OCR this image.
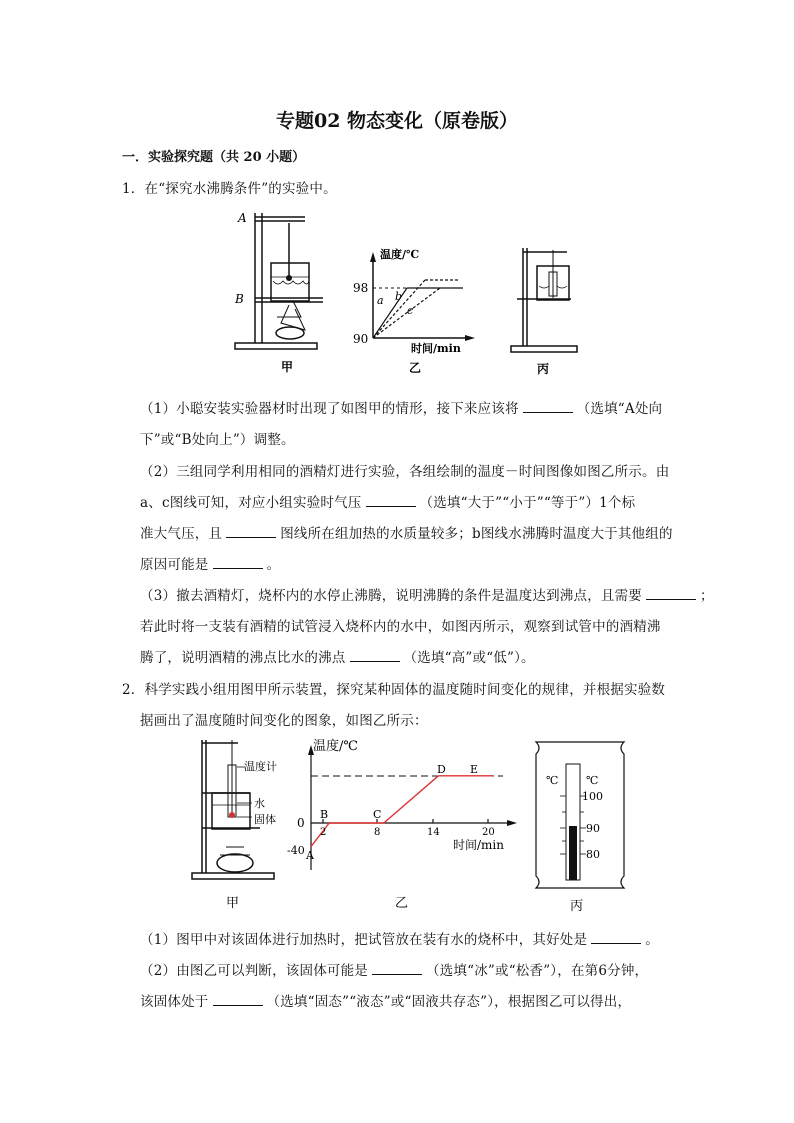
专题02 物态变化（原卷版）
一．实验探究题（共 20 小题）
1．在“探究水沸腾条件”的实验中。
A
B
甲
温度/℃
98
90
时间/min
a b
c
乙	丙
（1）小聪安装实验器材时出现了如图甲的情形，接下来应该将	（选填“A处向
下”或“B处向上”）调整。
（2）三组同学利用相同的酒精灯进行实验，各组绘制的温度－时间图像如图乙所示。由
a、c图线可知，对应小组实验时气压	（选填“大于”“小于”“等于”）1个标
准大气压，且	图线所在组加热的水质量较多；b图线水沸腾时温度大于其他组的
原因可能是	。
（3）撤去酒精灯，烧杯内的水停止沸腾，说明沸腾的条件是温度达到沸点，且需要	；
若此时将一支装有酒精的试管浸入烧杯内的水中，如图丙所示，观察到试管中的酒精沸
腾了，说明酒精的沸点比水的沸点	（选填“高”或“低”）。
2．科学实践小组用图甲所示装置，探究某种固体的温度随时间变化的规律，并根据实验数
据画出了温度随时间变化的图象，如图乙所示：
温度计
水
固体
甲
温度/℃
0
-40
2	8	14	20
时间/min
A
B	C
D E
乙
℃	℃
100
90
80
丙
（1）图甲中对该固体进行加热时，把试管放在装有水的烧杯中，其好处是	。
（2）由图乙可以判断，该固体可能是	（选填“冰”或“松香”），在第6分钟，
该固体处于	（选填“固态”“液态”或“固液共存态”），根据图乙可以得出，
